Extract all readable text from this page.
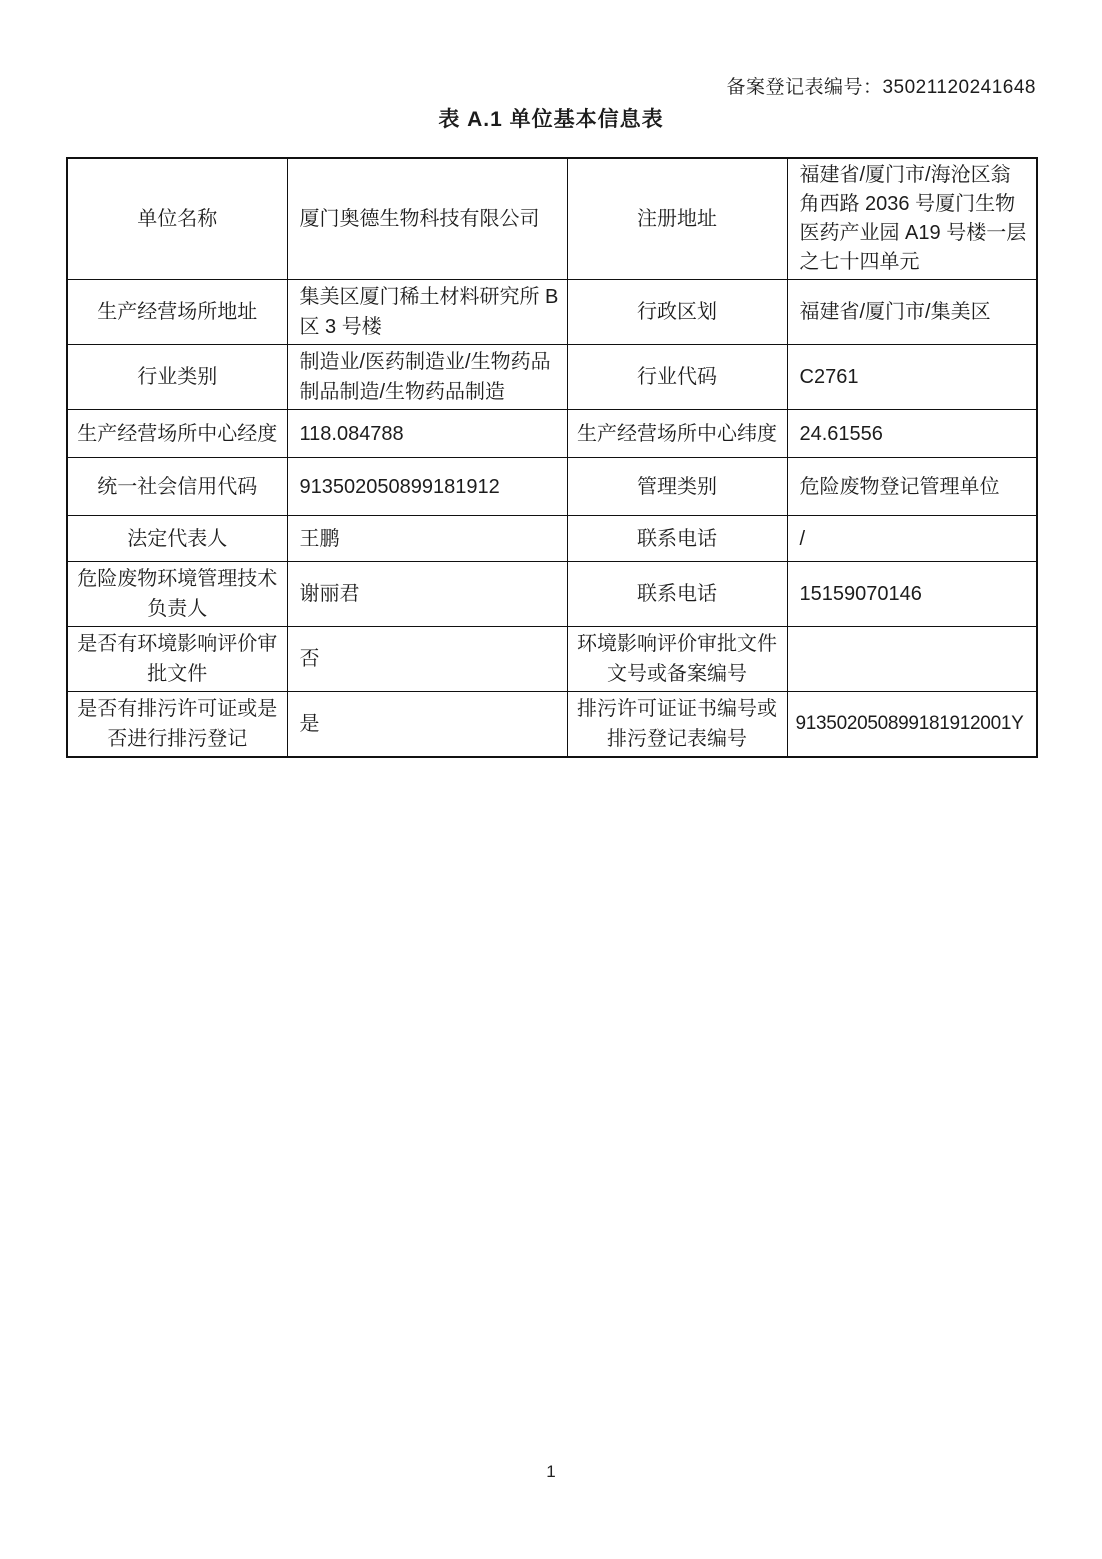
备案登记表编号：35021120241648
表 A.1 单位基本信息表
单位名称	厦门奥德生物科技有限公司	注册地址	福建省/厦门市/海沧区翁角西路 2036 号厦门生物医药产业园 A19 号楼一层之七十四单元
生产经营场所地址	集美区厦门稀土材料研究所 B 区 3 号楼	行政区划	福建省/厦门市/集美区
行业类别	制造业/医药制造业/生物药品制品制造/生物药品制造	行业代码	C2761
生产经营场所中心经度	118.084788	生产经营场所中心纬度	24.61556
统一社会信用代码	913502050899181912	管理类别	危险废物登记管理单位
法定代表人	王鹏	联系电话	/
危险废物环境管理技术负责人	谢丽君	联系电话	15159070146
是否有环境影响评价审批文件	否	环境影响评价审批文件文号或备案编号	
是否有排污许可证或是否进行排污登记	是	排污许可证证书编号或排污登记表编号	913502050899181912001Y
1
